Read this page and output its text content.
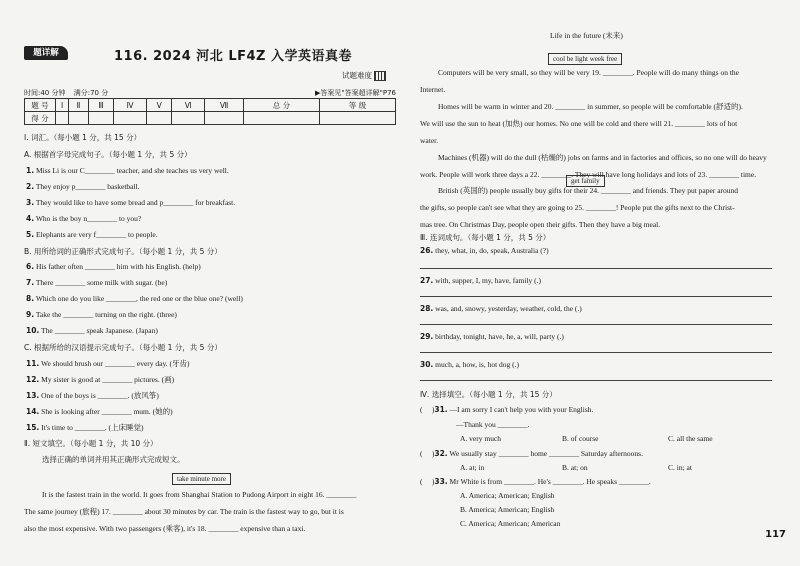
题详解	116. 2024 河北 LF4Z 入学英语真卷
试题难度
时间:40 分钟 满分:70 分	▶答案见"答案超详解"P76
题 号	Ⅰ	Ⅱ	Ⅲ	Ⅳ	Ⅴ	Ⅵ	Ⅶ	总 分	等 级
得 分									
Ⅰ. 词汇。（每小题 1 分，共 15 分）
A. 根据首字母完成句子。（每小题 1 分，共 5 分）
1. Miss Li is our C________ teacher, and she teaches us very well.
2. They enjoy p________ basketball.
3. They would like to have some bread and p________ for breakfast.
4. Who is the boy n________ to you?
5. Elephants are very f________ to people.
B. 用所给词的正确形式完成句子。（每小题 1 分，共 5 分）
6. His father often ________ him with his English. (help)
7. There ________ some milk with sugar. (be)
8. Which one do you like ________, the red one or the blue one? (well)
9. Take the ________ turning on the right. (three)
10. The ________ speak Japanese. (Japan)
C. 根据所给的汉语提示完成句子。（每小题 1 分，共 5 分）
11. We should brush our ________ every day. (牙齿)
12. My sister is good at ________ pictures. (画)
13. One of the boys is ________. (放风筝)
14. She is looking after ________ mum. (她的)
15. It's time to ________. (上床睡觉)
Ⅱ. 短文填空。（每小题 1 分，共 10 分）
选择正确的单词并用其正确形式完成短文。
take minute more
It is the fastest train in the world. It goes from Shanghai Station to Pudong Airport in eight 16. ________
The same journey (旅程) 17. ________ about 30 minutes by car. The train is the fastest way to go, but it is
also the most expensive. With two passengers (乘客), it's 18. ________ expensive than a taxi.
Life in the future (未来)
cool be light week free
Computers will be very small, so they will be very 19. ________. People will do many things on the
Internet.
Homes will be warm in winter and 20. ________ in summer, so people will be comfortable (舒适的).
We will use the sun to heat (加热) our homes. No one will be cold and there will 21. ________ lots of hot
water.
Machines (机器) will do the dull (枯燥的) jobs on farms and in factories and offices, so no one will do heavy
work. People will work three days a 22. ________. They will have long holidays and lots of 23. ________ time.
get family
British (英国的) people usually buy gifts for their 24. ________ and friends. They put paper around
the gifts, so people can't see what they are going to 25. ________! People put the gifts next to the Christ-
mas tree. On Christmas Day, people open their gifts. Then they have a big meal.
Ⅲ. 连词成句。（每小题 1 分，共 5 分）
26. they, what, in, do, speak, Australia (?)
27. with, supper, I, my, have, family (.)
28. was, and, snowy, yesterday, weather, cold, the (.)
29. birthday, tonight, have, he, a, will, party (.)
30. much, a, how, is, hot dog (.)
Ⅳ. 选择填空。（每小题 1 分，共 15 分）
(     )31. —I am sorry I can't help you with your English.
—Thank you ________.
A. very much	B. of course	C. all the same
(     )32. We usually stay ________ home ________ Saturday afternoons.
A. at; in	B. at; on	C. in; at
(     )33. Mr White is from ________. He's ________. He speaks ________.
A. America; American; English
B. America; American; English
C. America; American; American
117
